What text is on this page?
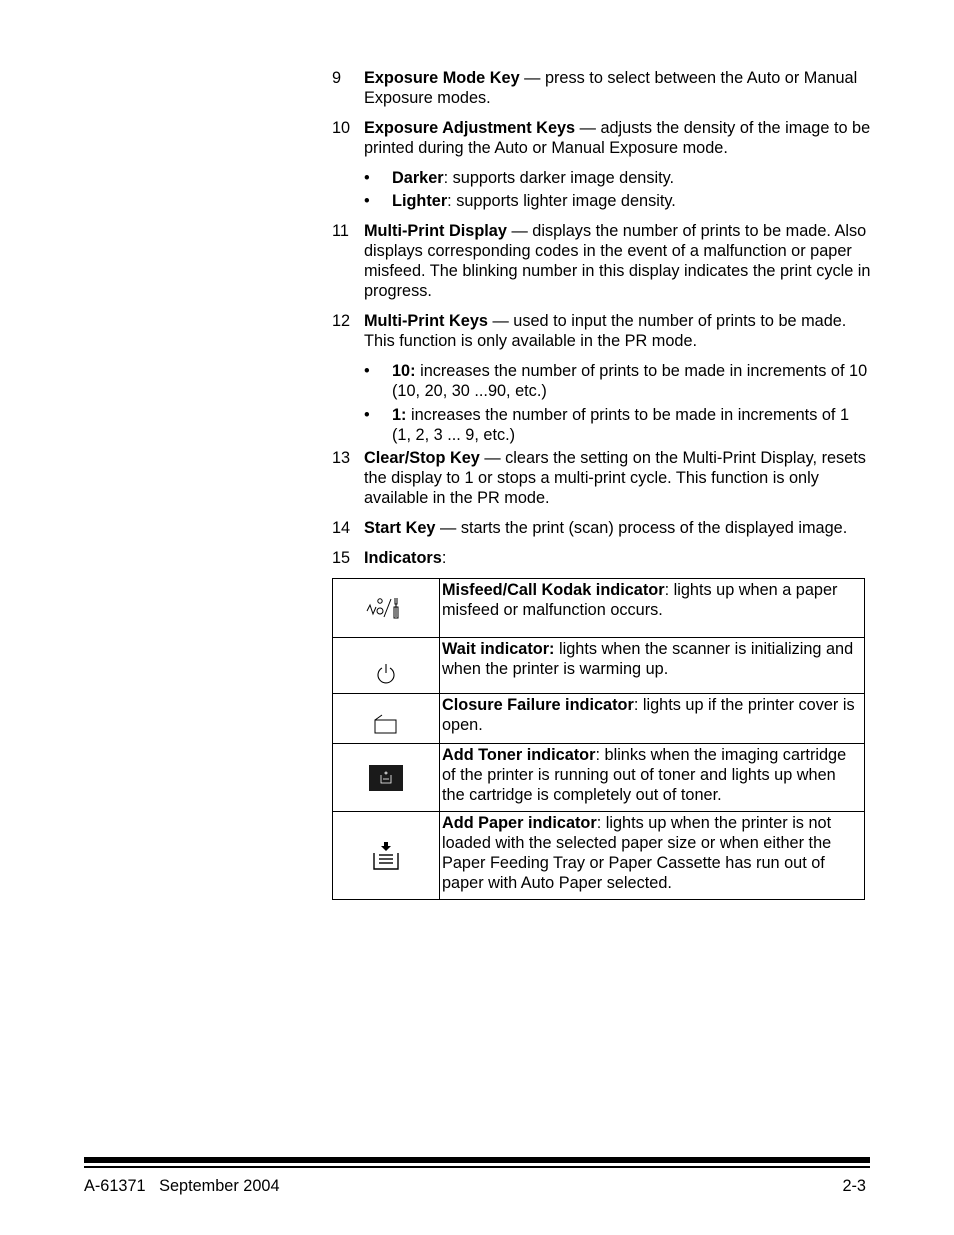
9 Exposure Mode Key — press to select between the Auto or Manual Exposure modes.
10 Exposure Adjustment Keys — adjusts the density of the image to be printed during the Auto or Manual Exposure mode.
• Darker: supports darker image density.
• Lighter: supports lighter image density.
11 Multi-Print Display — displays the number of prints to be made. Also displays corresponding codes in the event of a malfunction or paper misfeed. The blinking number in this display indicates the print cycle in progress.
12 Multi-Print Keys — used to input the number of prints to be made. This function is only available in the PR mode.
• 10: increases the number of prints to be made in increments of 10 (10, 20, 30 ...90, etc.)
• 1: increases the number of prints to be made in increments of 1 (1, 2, 3 ... 9, etc.)
13 Clear/Stop Key — clears the setting on the Multi-Print Display, resets the display to 1 or stops a multi-print cycle. This function is only available in the PR mode.
14 Start Key — starts the print (scan) process of the displayed image.
15 Indicators:
	Misfeed/Call Kodak indicator: lights up when a paper misfeed or malfunction occurs.
	Wait indicator: lights when the scanner is initializing and when the printer is warming up.
	Closure Failure indicator: lights up if the printer cover is open.
	Add Toner indicator: blinks when the imaging cartridge of the printer is running out of toner and lights up when the cartridge is completely out of toner.
	Add Paper indicator: lights up when the printer is not loaded with the selected paper size or when either the Paper Feeding Tray or Paper Cassette has run out of paper with Auto Paper selected.
A-61371   September 2004	2-3
